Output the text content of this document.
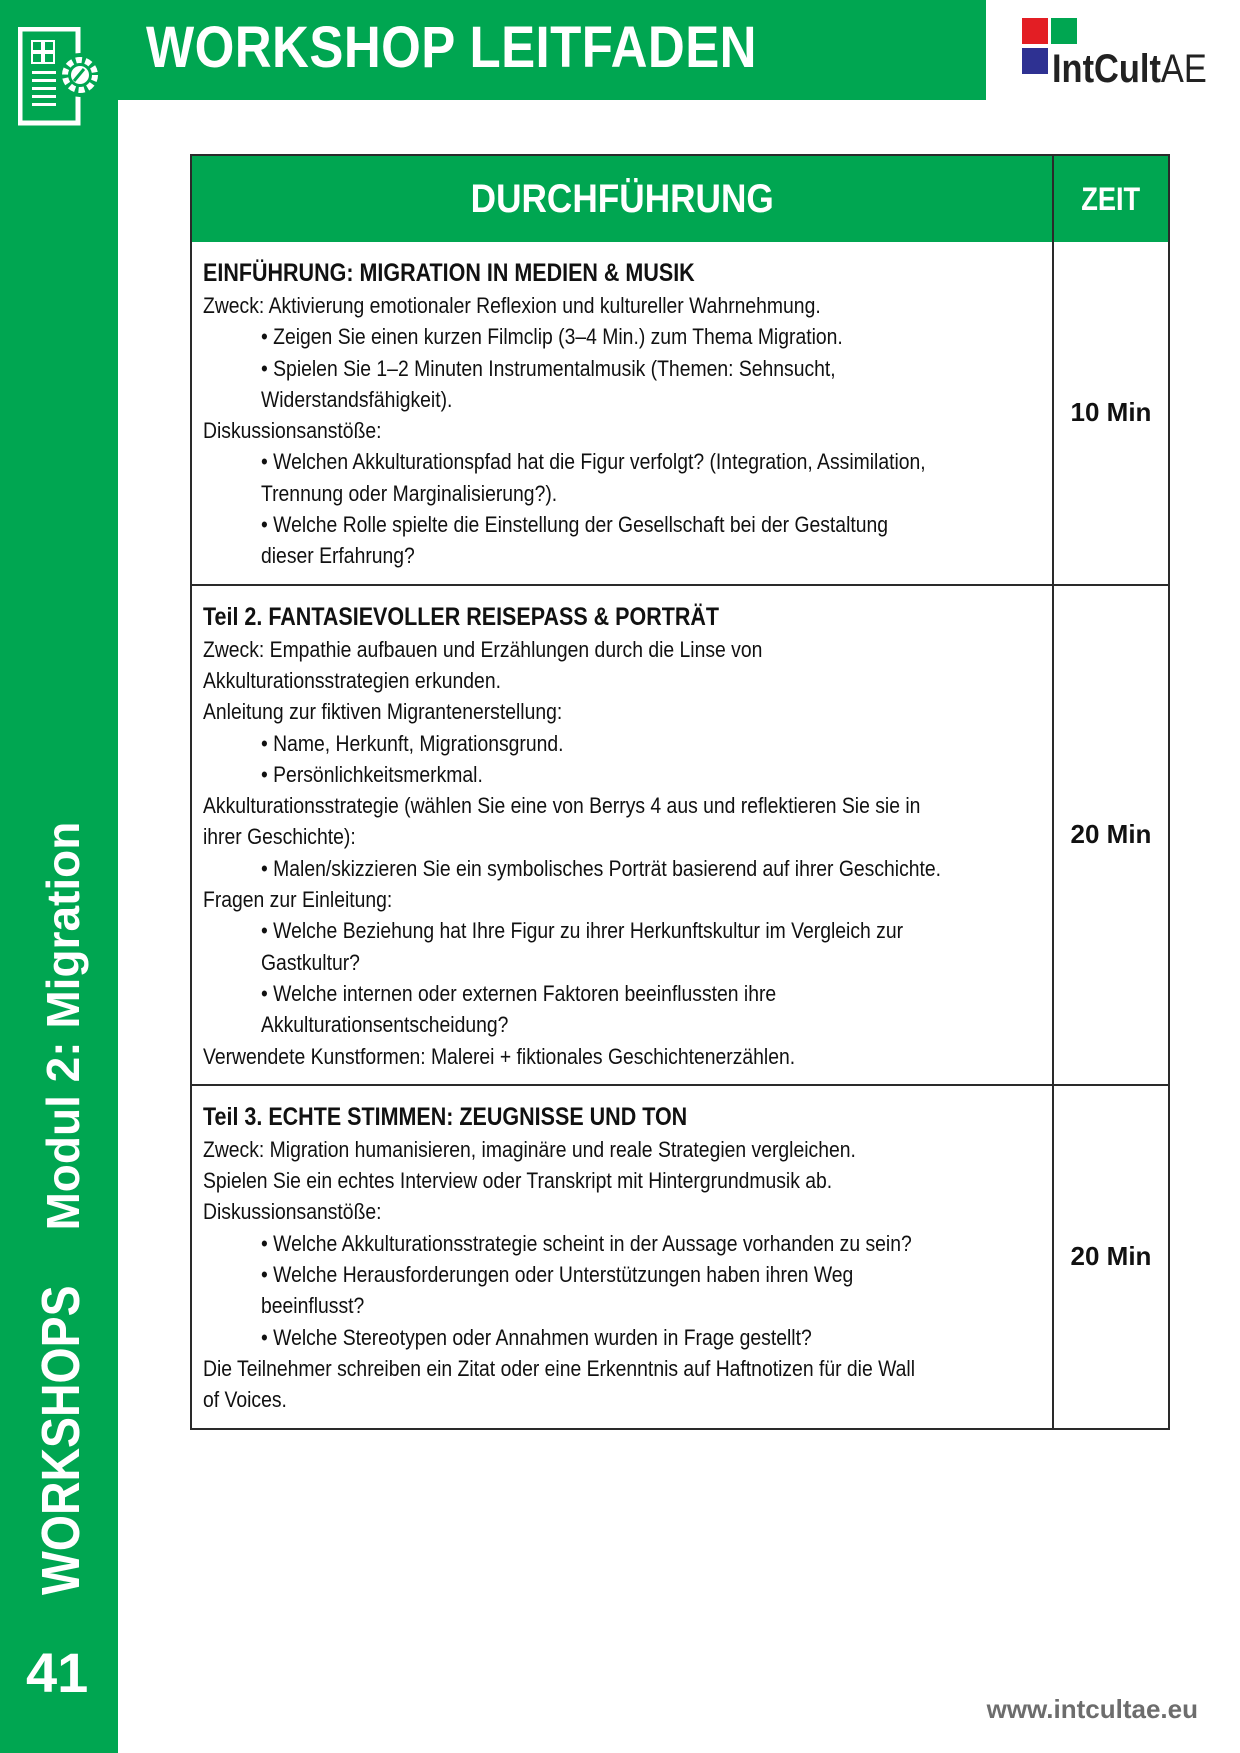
WORKSHOP LEITFADEN	IntCultAE
WORKSHOPS Modul 2: Migration
41
DURCHFÜHRUNG	ZEIT
EINFÜHRUNG: MIGRATION IN MEDIEN & MUSIK
Zweck: Aktivierung emotionaler Reflexion und kultureller Wahrnehmung.
• Zeigen Sie einen kurzen Filmclip (3–4 Min.) zum Thema Migration.
• Spielen Sie 1–2 Minuten Instrumentalmusik (Themen: Sehnsucht,
Widerstandsfähigkeit).
Diskussionsanstöße:
• Welchen Akkulturationspfad hat die Figur verfolgt? (Integration, Assimilation,
Trennung oder Marginalisierung?).
• Welche Rolle spielte die Einstellung der Gesellschaft bei der Gestaltung
dieser Erfahrung?
10 Min
Teil 2. FANTASIEVOLLER REISEPASS & PORTRÄT
Zweck: Empathie aufbauen und Erzählungen durch die Linse von
Akkulturationsstrategien erkunden.
Anleitung zur fiktiven Migrantenerstellung:
• Name, Herkunft, Migrationsgrund.
• Persönlichkeitsmerkmal.
Akkulturationsstrategie (wählen Sie eine von Berrys 4 aus und reflektieren Sie sie in
ihrer Geschichte):
• Malen/skizzieren Sie ein symbolisches Porträt basierend auf ihrer Geschichte.
Fragen zur Einleitung:
• Welche Beziehung hat Ihre Figur zu ihrer Herkunftskultur im Vergleich zur
Gastkultur?
• Welche internen oder externen Faktoren beeinflussten ihre
Akkulturationsentscheidung?
Verwendete Kunstformen: Malerei + fiktionales Geschichtenerzählen.
20 Min
Teil 3. ECHTE STIMMEN: ZEUGNISSE UND TON
Zweck: Migration humanisieren, imaginäre und reale Strategien vergleichen.
Spielen Sie ein echtes Interview oder Transkript mit Hintergrundmusik ab.
Diskussionsanstöße:
• Welche Akkulturationsstrategie scheint in der Aussage vorhanden zu sein?
• Welche Herausforderungen oder Unterstützungen haben ihren Weg
beeinflusst?
• Welche Stereotypen oder Annahmen wurden in Frage gestellt?
Die Teilnehmer schreiben ein Zitat oder eine Erkenntnis auf Haftnotizen für die Wall
of Voices.
20 Min
www.intcultae.eu
